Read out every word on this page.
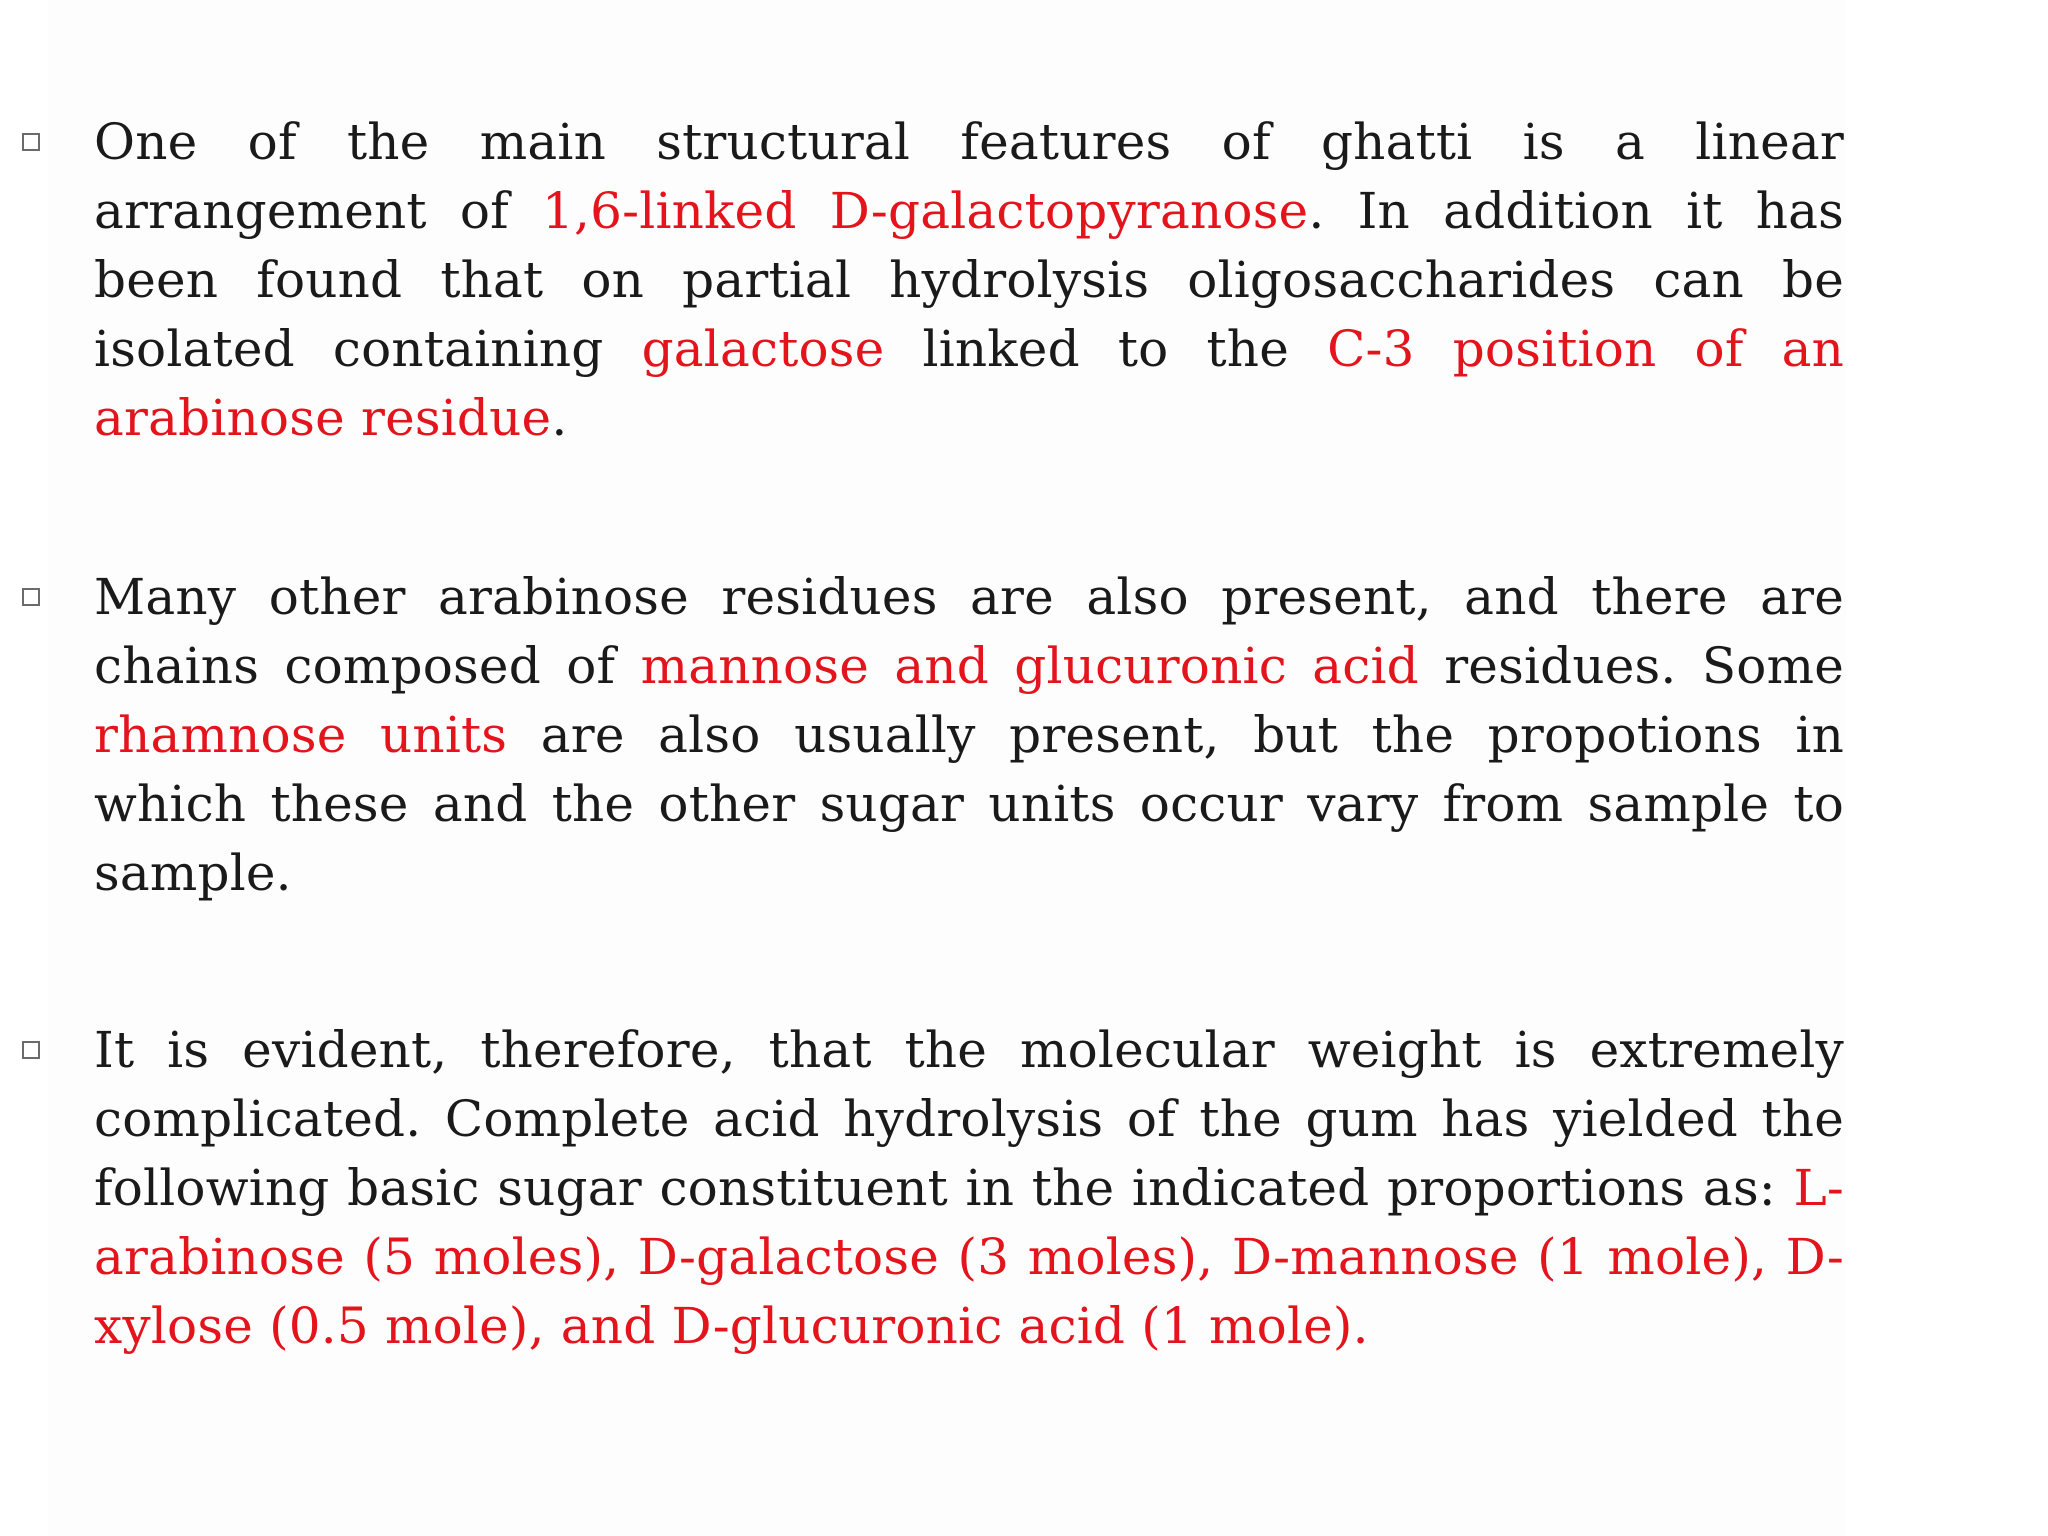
One of the main structural features of ghatti is a linear arrangement of 1,6-linked D-galactopyranose. In addition it has been found that on partial hydrolysis oligosaccharides can be isolated containing galactose linked to the C-3 position of an arabinose residue.

Many other arabinose residues are also present, and there are chains composed of mannose and glucuronic acid residues. Some rhamnose units are also usually present, but the propotions in which these and the other sugar units occur vary from sample to sample.

It is evident, therefore, that the molecular weight is extremely complicated. Complete acid hydrolysis of the gum has yielded the following basic sugar constituent in the indicated proportions as: L-arabinose (5 moles), D-galactose (3 moles), D-mannose (1 mole), D-xylose (0.5 mole), and D-glucuronic acid (1 mole).
